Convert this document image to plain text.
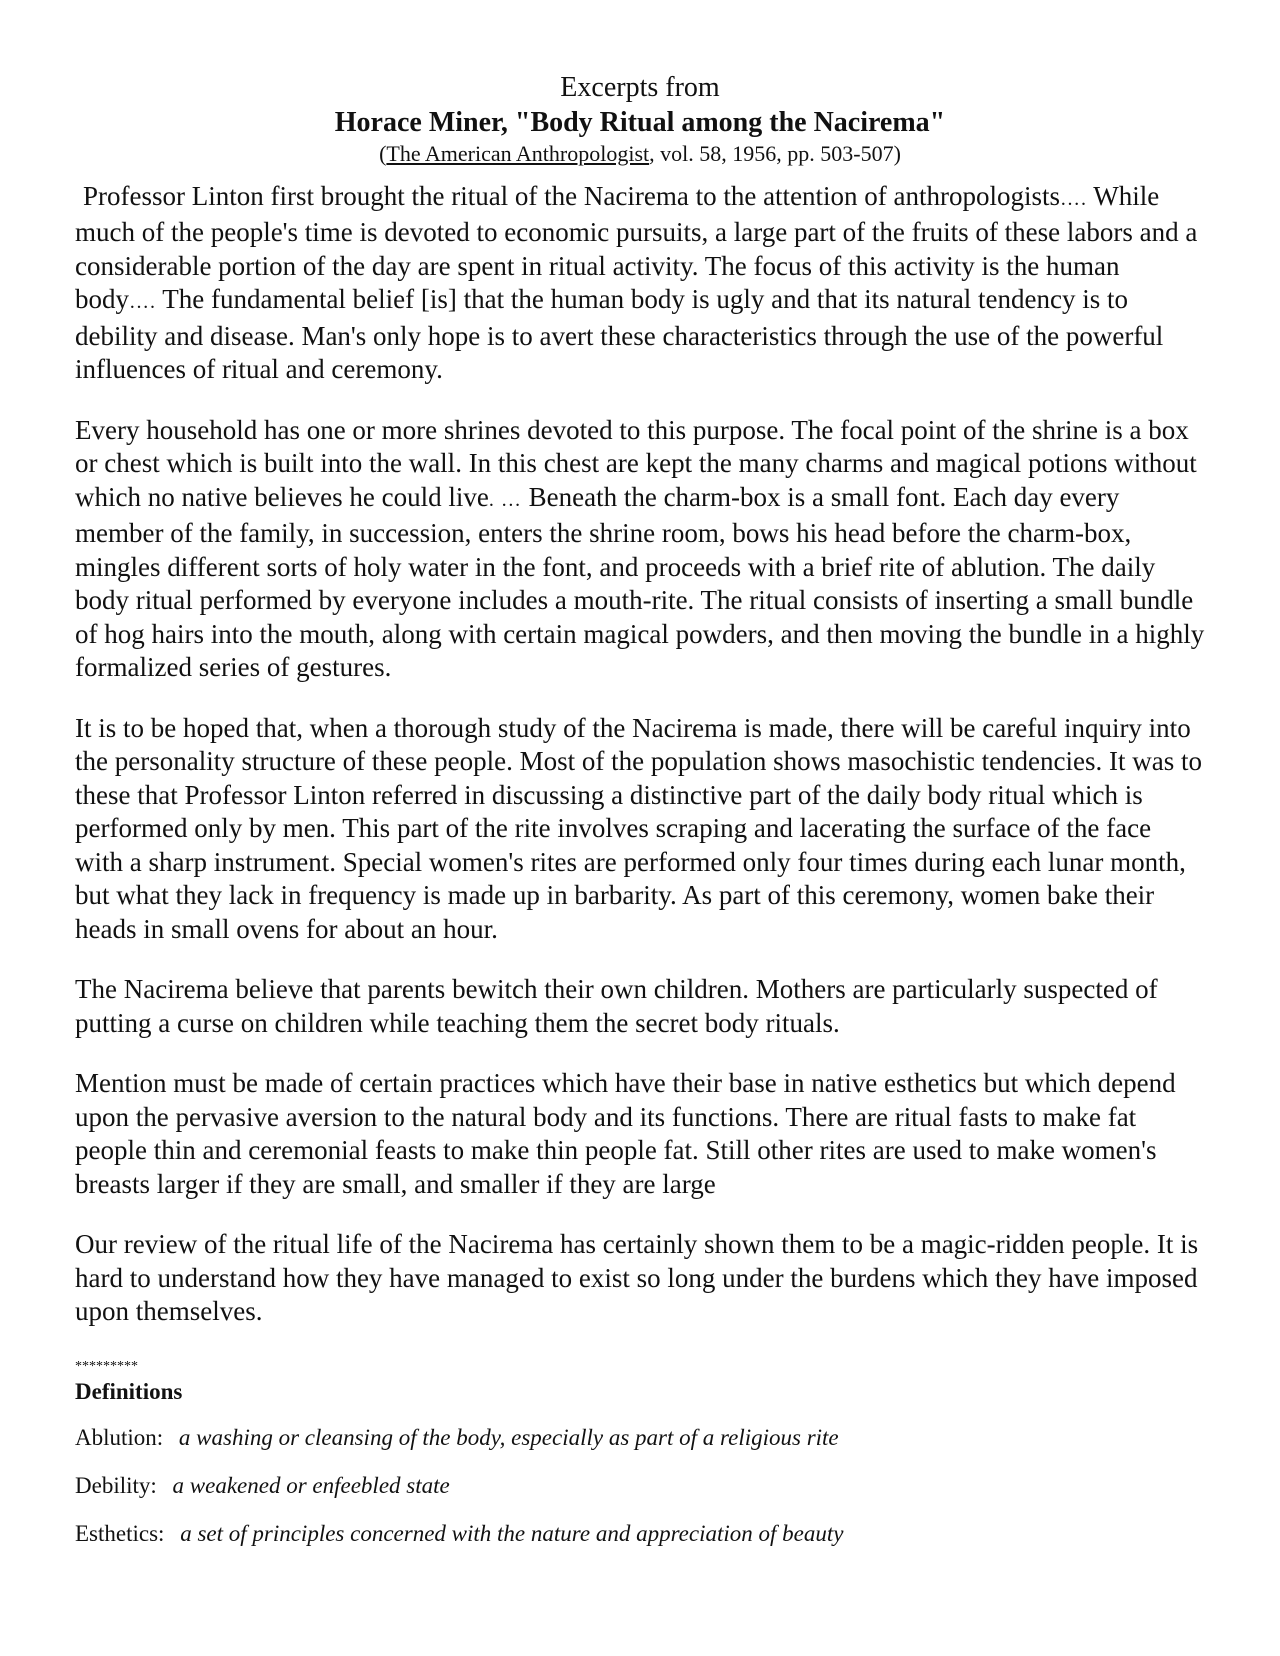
Excerpts from
Horace Miner, "Body Ritual among the Nacirema"
(The American Anthropologist, vol. 58, 1956, pp. 503-507)

Professor Linton first brought the ritual of the Nacirema to the attention of anthropologists…. While much of the people's time is devoted to economic pursuits, a large part of the fruits of these labors and a considerable portion of the day are spent in ritual activity. The focus of this activity is the human body…. The fundamental belief [is] that the human body is ugly and that its natural tendency is to debility and disease. Man's only hope is to avert these characteristics through the use of the powerful influences of ritual and ceremony.

Every household has one or more shrines devoted to this purpose. The focal point of the shrine is a box or chest which is built into the wall. In this chest are kept the many charms and magical potions without which no native believes he could live. … Beneath the charm-box is a small font. Each day every member of the family, in succession, enters the shrine room, bows his head before the charm-box, mingles different sorts of holy water in the font, and proceeds with a brief rite of ablution. The daily body ritual performed by everyone includes a mouth-rite. The ritual consists of inserting a small bundle of hog hairs into the mouth, along with certain magical powders, and then moving the bundle in a highly formalized series of gestures.

It is to be hoped that, when a thorough study of the Nacirema is made, there will be careful inquiry into the personality structure of these people. Most of the population shows masochistic tendencies. It was to these that Professor Linton referred in discussing a distinctive part of the daily body ritual which is performed only by men. This part of the rite involves scraping and lacerating the surface of the face with a sharp instrument. Special women's rites are performed only four times during each lunar month, but what they lack in frequency is made up in barbarity. As part of this ceremony, women bake their heads in small ovens for about an hour.

The Nacirema believe that parents bewitch their own children. Mothers are particularly suspected of putting a curse on children while teaching them the secret body rituals.

Mention must be made of certain practices which have their base in native esthetics but which depend upon the pervasive aversion to the natural body and its functions. There are ritual fasts to make fat people thin and ceremonial feasts to make thin people fat. Still other rites are used to make women's breasts larger if they are small, and smaller if they are large

Our review of the ritual life of the Nacirema has certainly shown them to be a magic-ridden people. It is hard to understand how they have managed to exist so long under the burdens which they have imposed upon themselves.

*********
Definitions
Ablution: a washing or cleansing of the body, especially as part of a religious rite
Debility: a weakened or enfeebled state
Esthetics: a set of principles concerned with the nature and appreciation of beauty
